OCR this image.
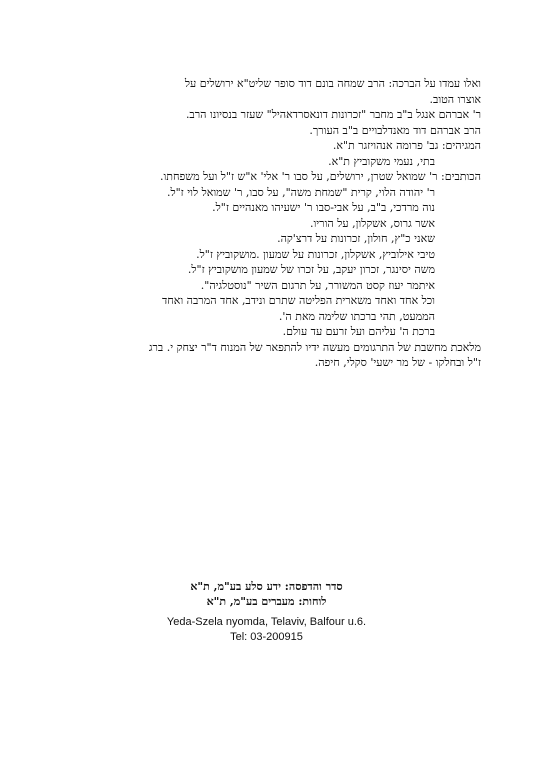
ואלו עמדו על הברכה: הרב שמחה בונם דוד סופר שליט"א ירושלים על
אוצרו הטוב.
ר' אברהם אנגל ב"ב מחבר "זכרונות דונאסרדאהיל" שעזר בנסיונו הרב.
הרב אברהם דוד מאנדלבויים ב"ב העורך.
המגיהים: גב' פרומה אנהויזגר ת"א.
בתי, נעמי משקוביץ ת"א.
הכותבים: ר' שמואל שטרן, ירושלים, על סבו ר' אלי' א"ש ז"ל ועל משפחתו.
ר' יהודה הלוי, קרית "שמחת משה", על סבו, ר' שמואל לוי ז"ל.
נוה מרדכי, ב"ב, על אבי-סבו ר' ישעיהו מאנהיים ז"ל.
אשר גרוס, אשקלון, על הוריו.
שאני כ"ץ, חולון, זכרונות על דרצ'קה.
טיבי אילוביץ, אשקלון, זכרונות על שמעון .מושקוביץ ז"ל.
משה יסינגר, זכרון יעקב, על זכרו של שמעון מושקוביץ ז"ל.
איתמר יעוז קסט המשורר, על תרגום השיר "נוסטלגיה".
וכל אחד ואחד משארית הפליטה שתרם ונידב, אחד המרבה ואחד
הממעט, תהי ברכתו שלימה מאת ה'.
ברכת ה' עליהם ועל זרעם עד עולם.
מלאכת מחשבת של התרגומים מעשה ידיו להתפאר של המנוח ד"ר יצחק י. ברג
ז"ל ובחלקו - של מר ישעי' סקלי, חיפה.
סדר והדפסה: ידע סלע בע"מ, ת"א
לוחות: מעברים בע"מ, ת"א
Yeda-Szela nyomda, Telaviv, Balfour u.6.
Tel: 03-200915
